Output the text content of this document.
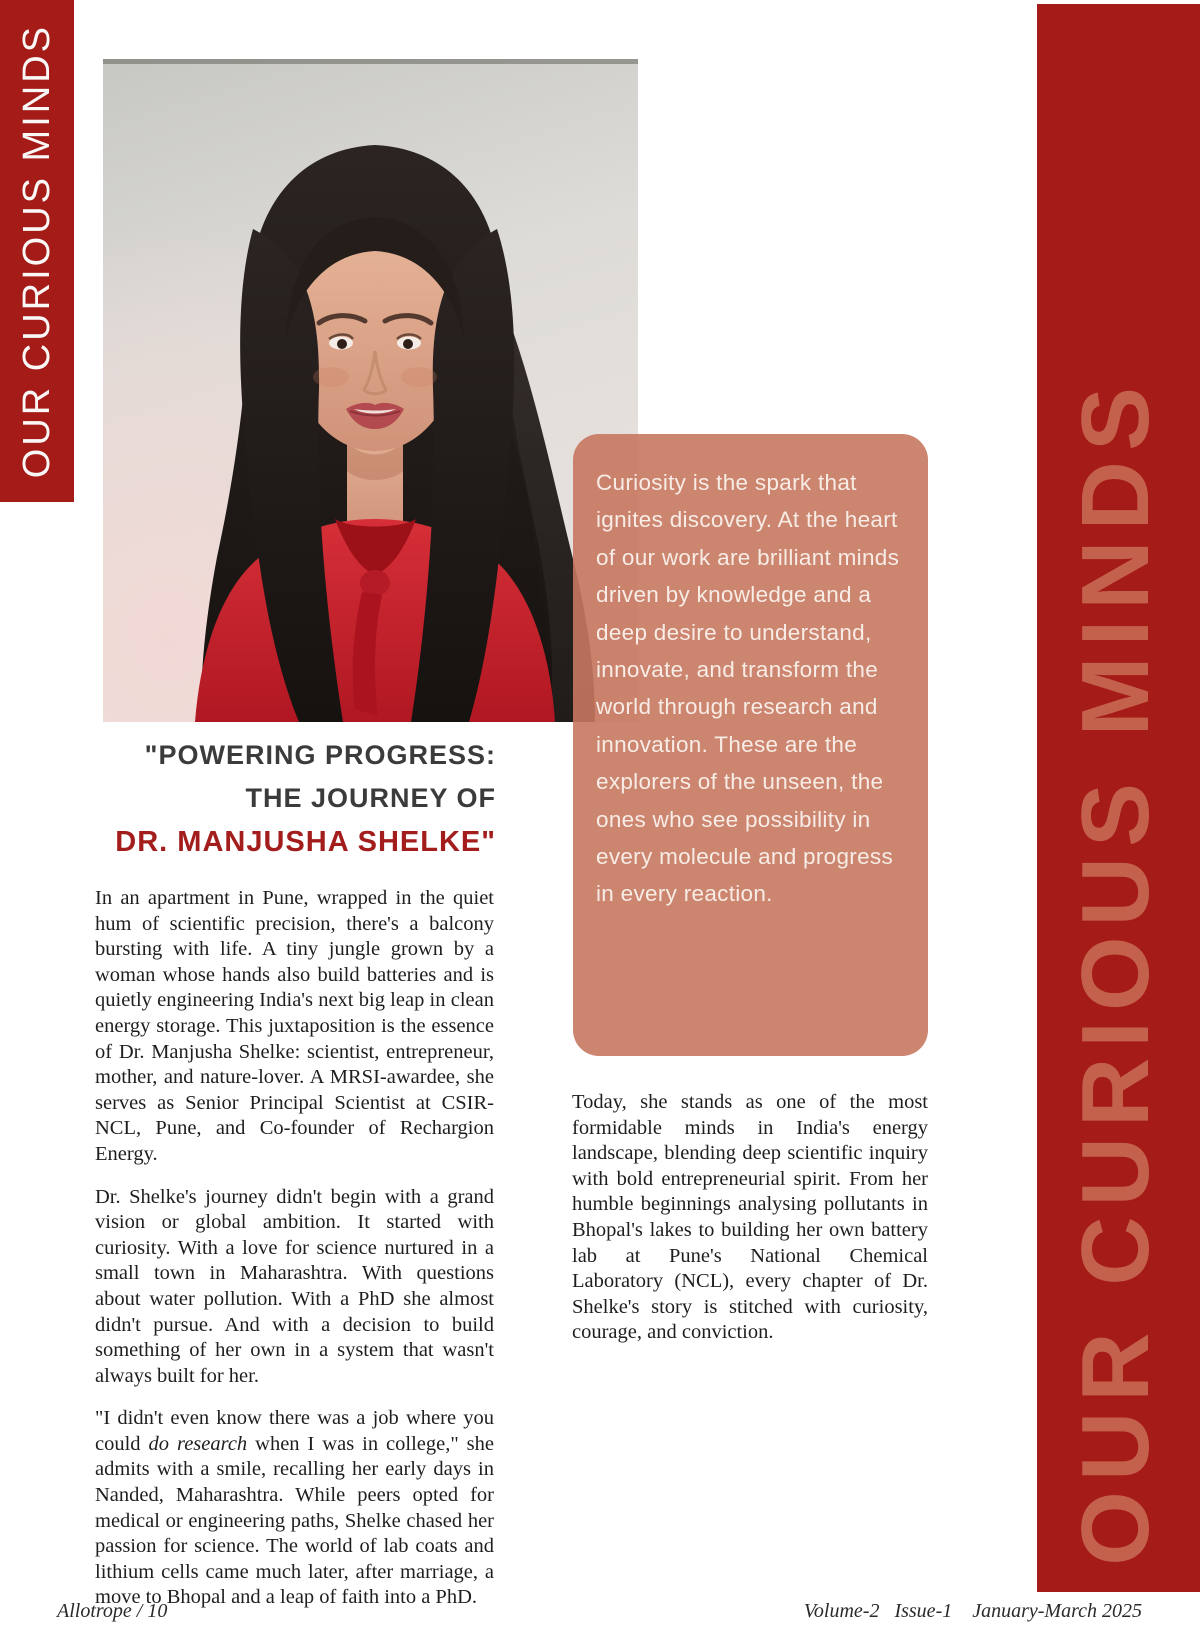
OUR CURIOUS MINDS
OUR CURIOUS MINDS
Curiosity is the spark that ignites discovery. At the heart of our work are brilliant minds driven by knowledge and a deep desire to understand, innovate, and transform the world through research and innovation. These are the explorers of the unseen, the ones who see possibility in every molecule and progress in every reaction.
"POWERING PROGRESS:
THE JOURNEY OF
DR. MANJUSHA SHELKE"

In an apartment in Pune, wrapped in the quiet hum of scientific precision, there's a balcony bursting with life. A tiny jungle grown by a woman whose hands also build batteries and is quietly engineering India's next big leap in clean energy storage. This juxtaposition is the essence of Dr. Manjusha Shelke: scientist, entrepreneur, mother, and nature-lover. A MRSI-awardee, she serves as Senior Principal Scientist at CSIR-NCL, Pune, and Co-founder of Rechargion Energy.

Dr. Shelke's journey didn't begin with a grand vision or global ambition. It started with curiosity. With a love for science nurtured in a small town in Maharashtra. With questions about water pollution. With a PhD she almost didn't pursue. And with a decision to build something of her own in a system that wasn't always built for her.

"I didn't even know there was a job where you could do research when I was in college," she admits with a smile, recalling her early days in Nanded, Maharashtra. While peers opted for medical or engineering paths, Shelke chased her passion for science. The world of lab coats and lithium cells came much later, after marriage, a move to Bhopal and a leap of faith into a PhD.

Today, she stands as one of the most formidable minds in India's energy landscape, blending deep scientific inquiry with bold entrepreneurial spirit. From her humble beginnings analysing pollutants in Bhopal's lakes to building her own battery lab at Pune's National Chemical Laboratory (NCL), every chapter of Dr. Shelke's story is stitched with curiosity, courage, and conviction.

Allotrope / 10	Volume-2   Issue-1    January-March 2025
